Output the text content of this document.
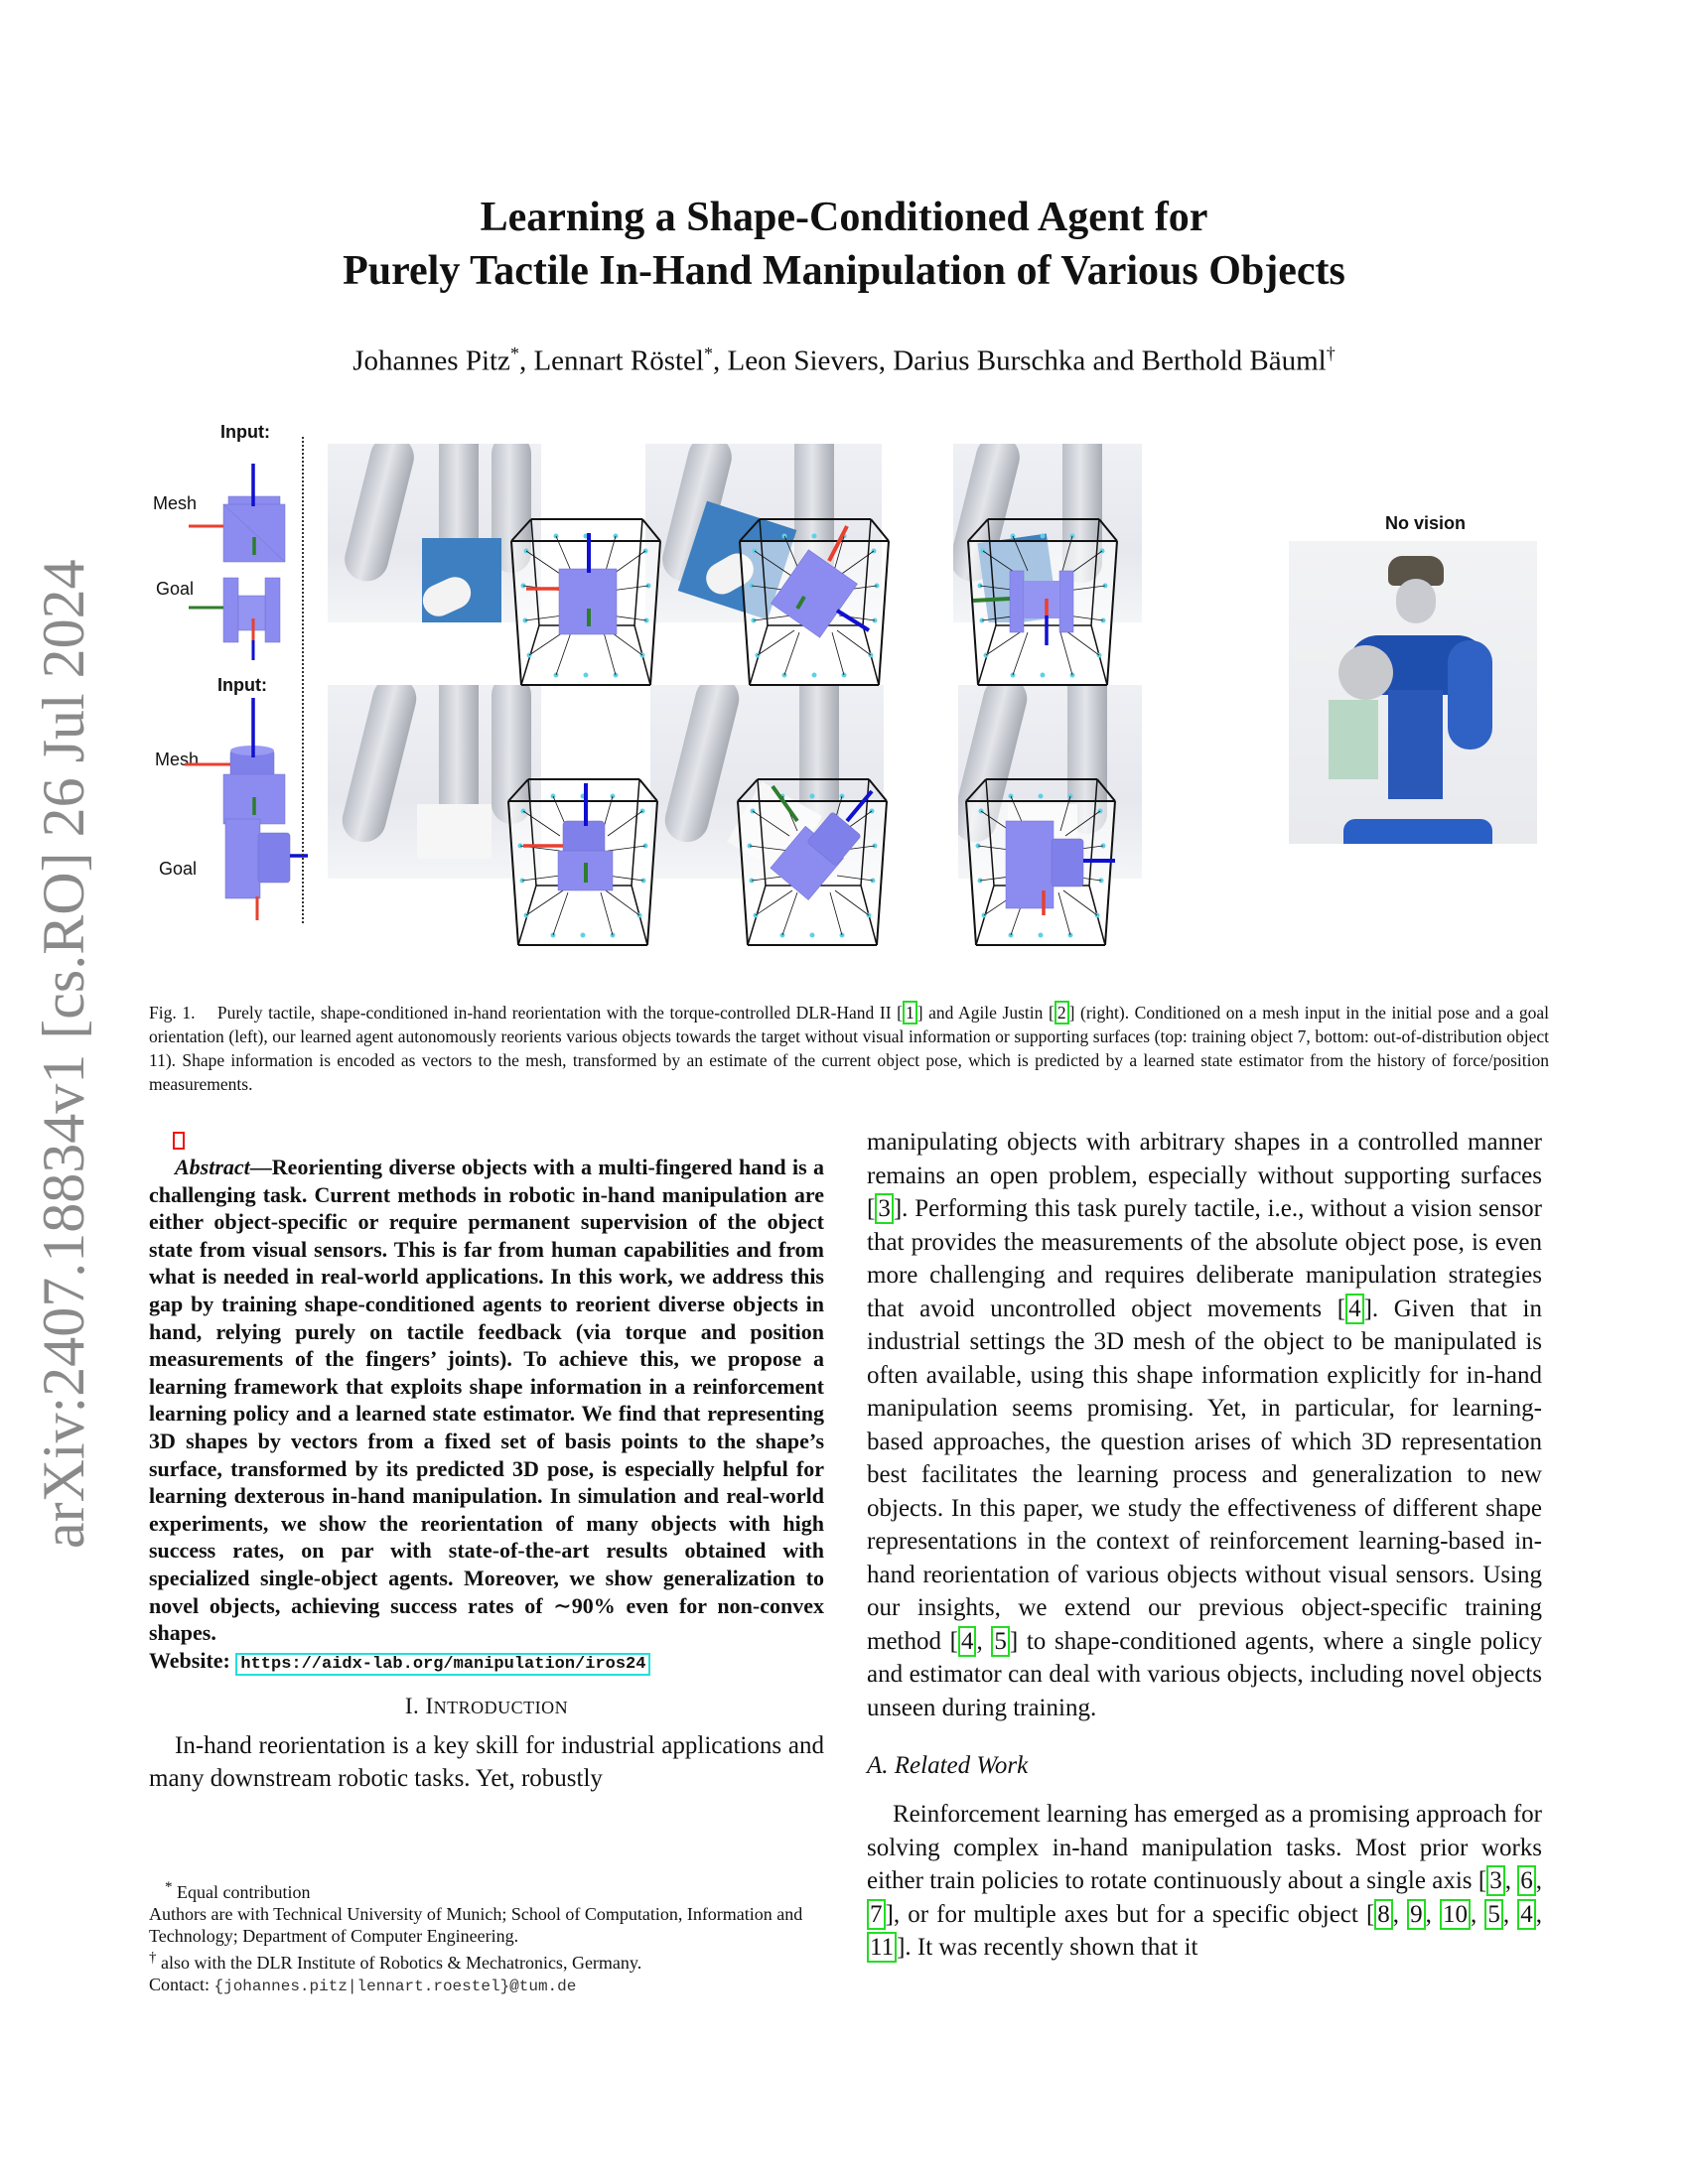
arXiv:2407.18834v1 [cs.RO] 26 Jul 2024
Learning a Shape-Conditioned Agent for
Purely Tactile In-Hand Manipulation of Various Objects
Johannes Pitz*, Lennart Röstel*, Leon Sievers, Darius Burschka and Berthold Bäuml†
Input:
Mesh
Goal
Input:
Mesh
Goal
No vision
Fig. 1. Purely tactile, shape-conditioned in-hand reorientation with the torque-controlled DLR-Hand II [ 1 ] and Agile Justin [ 2 ] (right). Conditioned on a mesh input in the initial pose and a goal orientation (left), our learned agent autonomously reorients various objects towards the target without visual information or supporting surfaces (top: training object 7, bottom: out-of-distribution object 11). Shape information is encoded as vectors to the mesh, transformed by an estimate of the current object pose, which is predicted by a learned state estimator from the history of force/position measurements.
Abstract—Reorienting diverse objects with a multi-fingered hand is a challenging task. Current methods in robotic in-hand manipulation are either object-specific or require permanent supervision of the object state from visual sensors. This is far from human capabilities and from what is needed in real-world applications. In this work, we address this gap by training shape-conditioned agents to reorient diverse objects in hand, relying purely on tactile feedback (via torque and position measurements of the fingers’ joints). To achieve this, we propose a learning framework that exploits shape information in a reinforcement learning policy and a learned state estimator. We find that representing 3D shapes by vectors from a fixed set of basis points to the shape’s surface, transformed by its predicted 3D pose, is especially helpful for learning dexterous in-hand manipulation. In simulation and real-world experiments, we show the reorientation of many objects with high success rates, on par with state-of-the-art results obtained with specialized single-object agents. Moreover, we show generalization to novel objects, achieving success rates of ∼90% even for non-convex shapes.
Website: https://aidx-lab.org/manipulation/iros24
I. INTRODUCTION
In-hand reorientation is a key skill for industrial applications and many downstream robotic tasks. Yet, robustly
* Equal contribution
Authors are with Technical University of Munich; School of Computation, Information and Technology; Department of Computer Engineering.
† also with the DLR Institute of Robotics & Mechatronics, Germany.
Contact: {johannes.pitz|lennart.roestel}@tum.de
manipulating objects with arbitrary shapes in a controlled manner remains an open problem, especially without supporting surfaces [ 3 ]. Performing this task purely tactile, i.e., without a vision sensor that provides the measurements of the absolute object pose, is even more challenging and requires deliberate manipulation strategies that avoid uncontrolled object movements [ 4 ]. Given that in industrial settings the 3D mesh of the object to be manipulated is often available, using this shape information explicitly for in-hand manipulation seems promising. Yet, in particular, for learning-based approaches, the question arises of which 3D representation best facilitates the learning process and generalization to new objects. In this paper, we study the effectiveness of different shape representations in the context of reinforcement learning-based in-hand reorientation of various objects without visual sensors. Using our insights, we extend our previous object-specific training method [ 4 , 5 ] to shape-conditioned agents, where a single policy and estimator can deal with various objects, including novel objects unseen during training.
A. Related Work
Reinforcement learning has emerged as a promising approach for solving complex in-hand manipulation tasks. Most prior works either train policies to rotate continuously about a single axis [ 3 , 6 , 7 ], or for multiple axes but for a specific object [ 8 , 9 , 10 , 5 , 4 , 11 ]. It was recently shown that it
